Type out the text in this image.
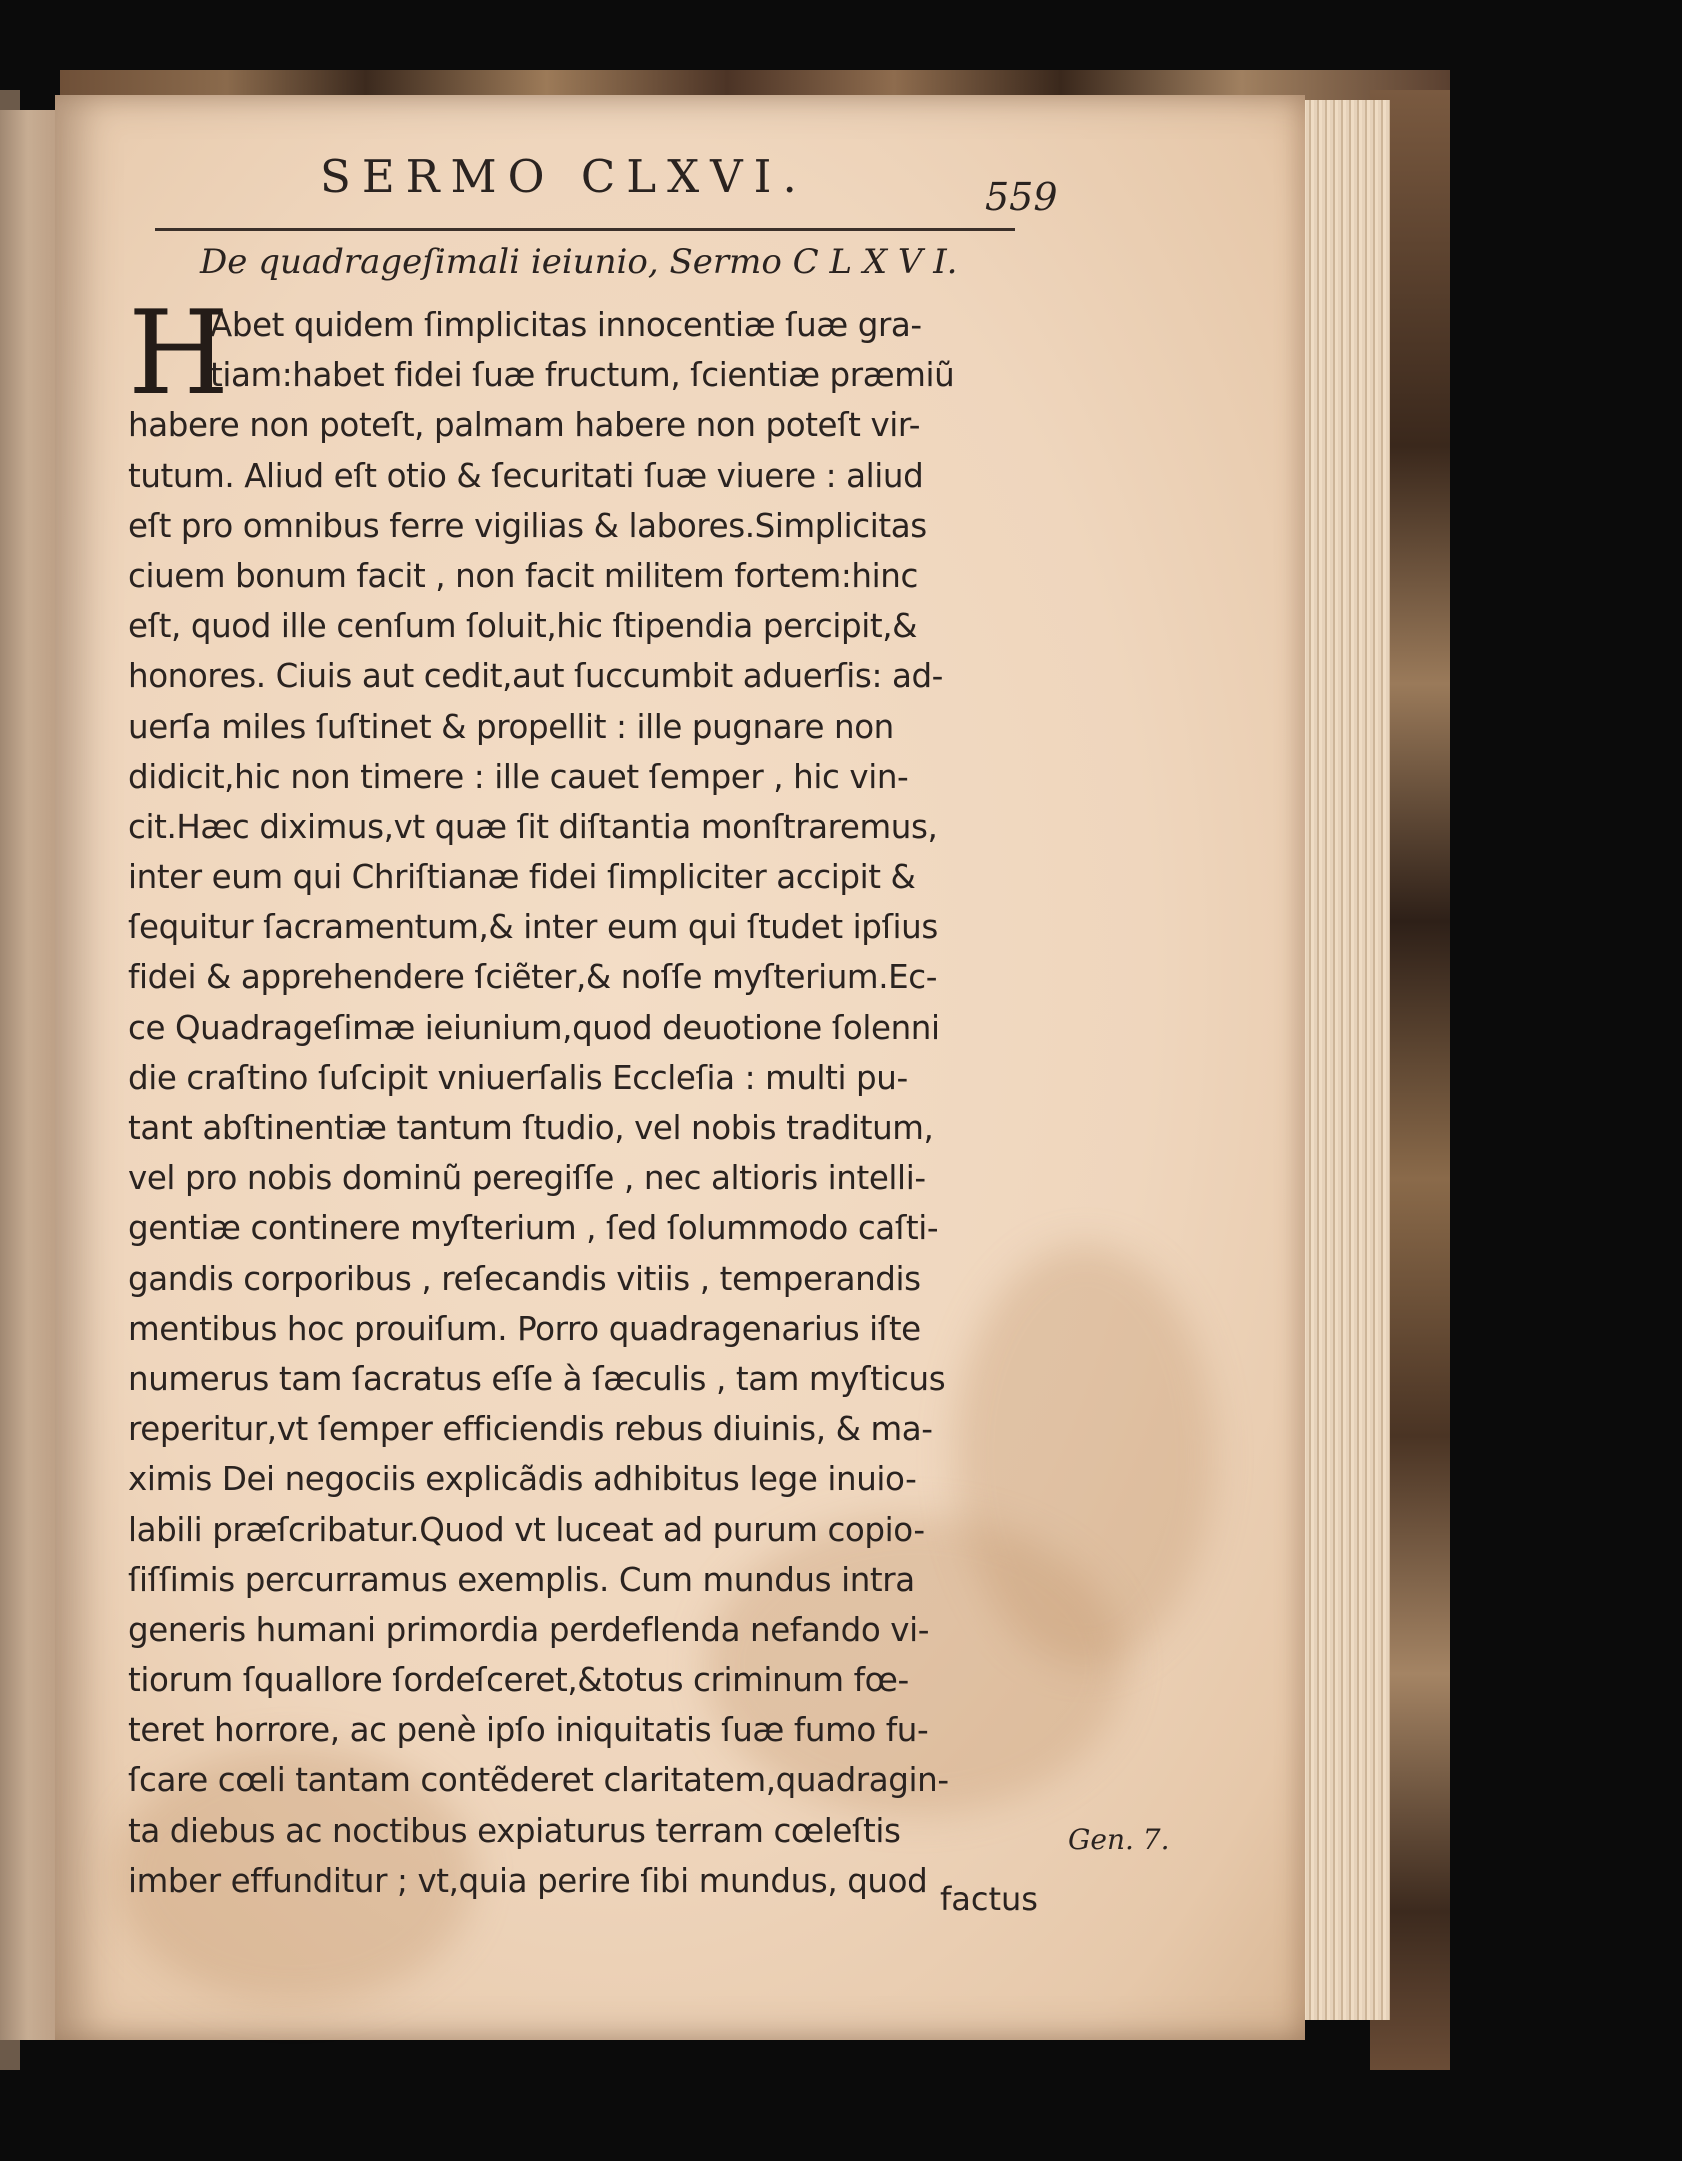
SERMO CLXVI.	559
De quadrageſimali ieiunio, Sermo C L X V I.
H
Abet quidem ſimplicitas innocentiæ ſuæ gra-
tiam:habet fidei ſuæ fructum, ſcientiæ præmiũ
habere non poteſt, palmam habere non poteſt vir-
tutum. Aliud eſt otio & ſecuritati ſuæ viuere : aliud
eſt pro omnibus ferre vigilias & labores.Simplicitas
ciuem bonum facit , non facit militem fortem:hinc
eſt, quod ille cenſum ſoluit,hic ſtipendia percipit,&
honores. Ciuis aut cedit,aut ſuccumbit aduerſis: ad-
uerſa miles ſuſtinet & propellit : ille pugnare non
didicit,hic non timere : ille cauet ſemper , hic vin-
cit.Hæc diximus,vt quæ ſit diſtantia monſtraremus,
inter eum qui Chriſtianæ fidei ſimpliciter accipit &
ſequitur ſacramentum,& inter eum qui ſtudet ipſius
fidei & apprehendere ſciẽter,& noſſe myſterium.Ec-
ce Quadrageſimæ ieiunium,quod deuotione ſolenni
die craſtino ſuſcipit vniuerſalis Eccleſia : multi pu-
tant abſtinentiæ tantum ſtudio, vel nobis traditum,
vel pro nobis dominũ peregiſſe , nec altioris intelli-
gentiæ continere myſterium , ſed ſolummodo caſti-
gandis corporibus , reſecandis vitiis , temperandis
mentibus hoc prouiſum. Porro quadragenarius iſte
numerus tam ſacratus eſſe à ſæculis , tam myſticus
reperitur,vt ſemper efficiendis rebus diuinis, & ma-
ximis Dei negociis explicãdis adhibitus lege inuio-
labili præſcribatur.Quod vt luceat ad purum copio-
ſiſſimis percurramus exemplis. Cum mundus intra
generis humani primordia perdeflenda nefando vi-
tiorum ſquallore ſordeſceret,&totus criminum fœ-
teret horrore, ac penè ipſo iniquitatis ſuæ fumo fu-
ſcare cœli tantam contẽderet claritatem,quadragin-
ta diebus ac noctibus expiaturus terram cœleſtis
imber effunditur ; vt,quia perire ſibi mundus, quod
Gen. 7.
factus
